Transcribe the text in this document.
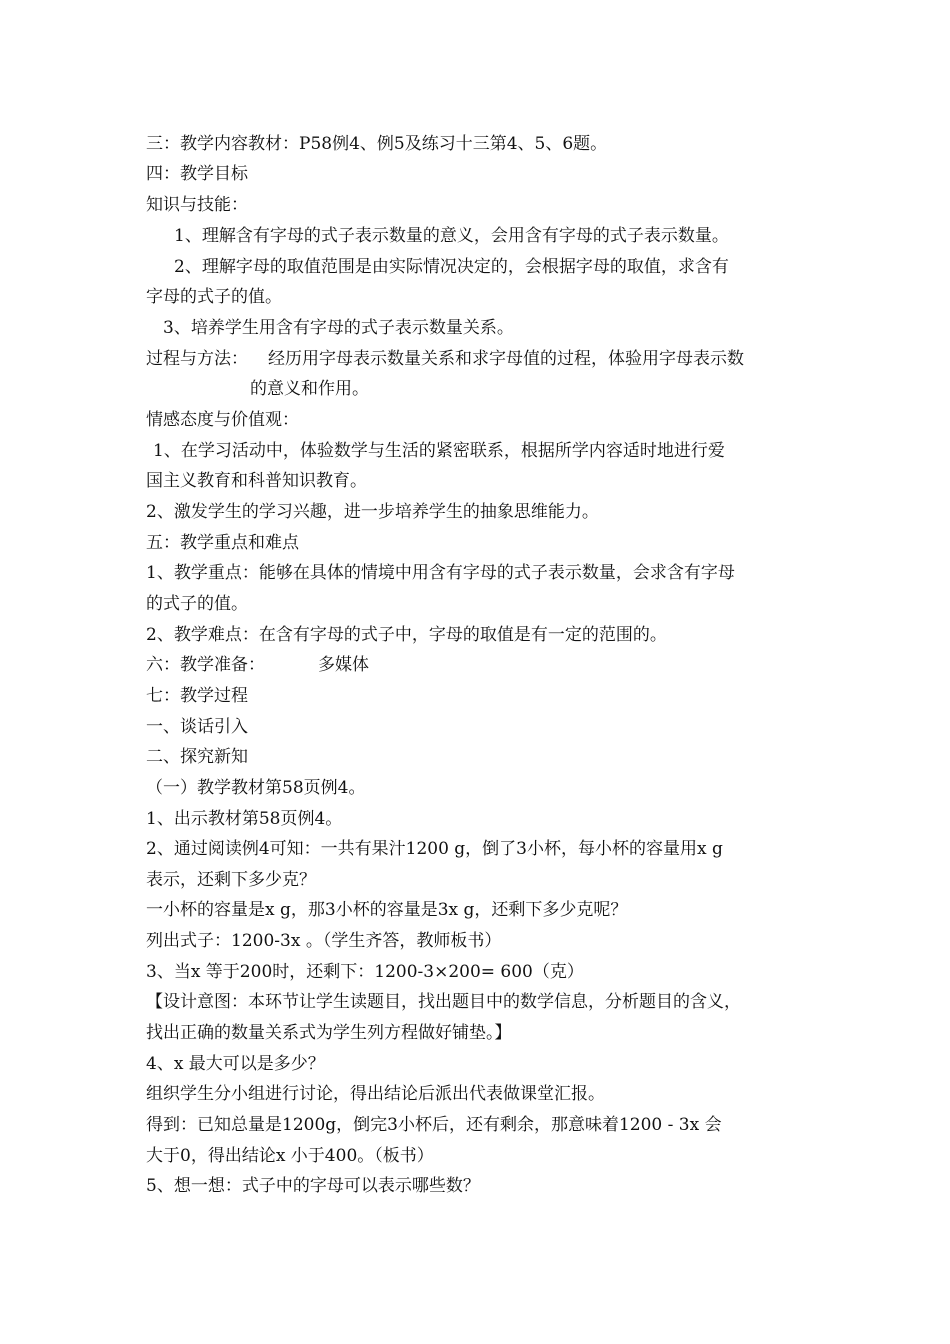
三：教学内容教材：P58例4、例5及练习十三第4、5、6题。
四：教学目标
知识与技能：
1、理解含有字母的式子表示数量的意义，会用含有字母的式子表示数量。
2、理解字母的取值范围是由实际情况决定的，会根据字母的取值，求含有
字母的式子的值。
3、培养学生用含有字母的式子表示数量关系。
过程与方法： 经历用字母表示数量关系和求字母值的过程，体验用字母表示数
的意义和作用。
情感态度与价值观：
1、在学习活动中，体验数学与生活的紧密联系，根据所学内容适时地进行爱
国主义教育和科普知识教育。
2、激发学生的学习兴趣，进一步培养学生的抽象思维能力。
五：教学重点和难点
1、教学重点：能够在具体的情境中用含有字母的式子表示数量，会求含有字母
的式子的值。
2、教学难点：在含有字母的式子中，字母的取值是有一定的范围的。
六：教学准备：	多媒体
七：教学过程
一、谈话引入
二、探究新知
（一）教学教材第58页例4。
1、出示教材第58页例4。
2、通过阅读例4可知：一共有果汁1200 g，倒了3小杯，每小杯的容量用x g
表示，还剩下多少克？
一小杯的容量是x g，那3小杯的容量是3x g，还剩下多少克呢？
列出式子：1200-3x 。（学生齐答，教师板书）
3、当x 等于200时，还剩下：1200-3×200= 600（克）
【设计意图：本环节让学生读题目，找出题目中的数学信息，分析题目的含义，
找出正确的数量关系式为学生列方程做好铺垫。】
4、x 最大可以是多少？
组织学生分小组进行讨论，得出结论后派出代表做课堂汇报。
得到：已知总量是1200g，倒完3小杯后，还有剩余，那意味着1200 - 3x 会
大于0，得出结论x 小于400。（板书）
5、想一想：式子中的字母可以表示哪些数？
